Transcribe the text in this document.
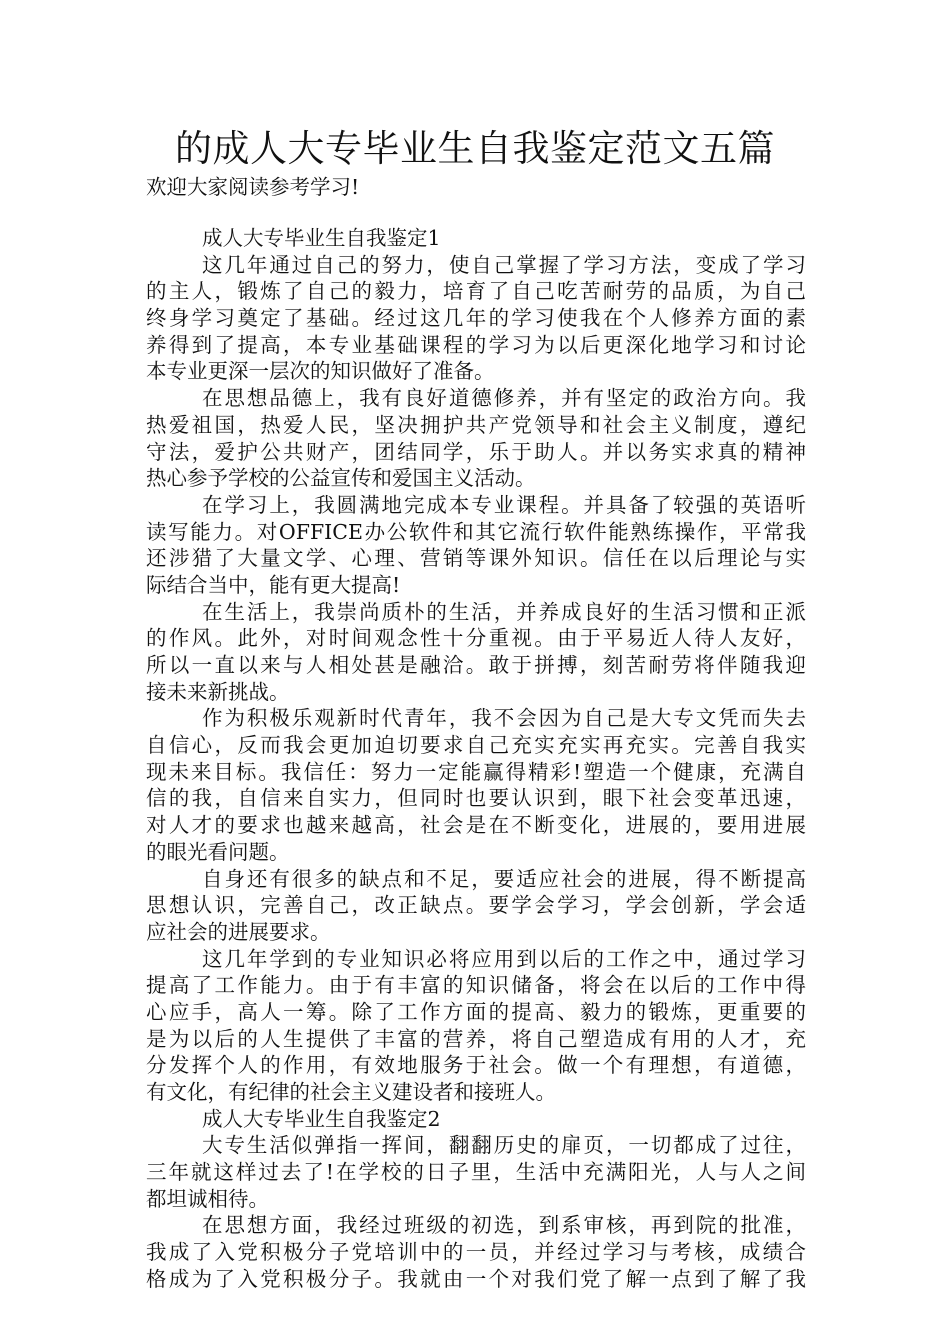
的成人大专毕业生自我鉴定范文五篇

欢迎大家阅读参考学习!

成人大专毕业生自我鉴定1
这几年通过自己的努力，使自己掌握了学习方法，变成了学习
的主人，锻炼了自己的毅力，培育了自己吃苦耐劳的品质，为自己
终身学习奠定了基础。经过这几年的学习使我在个人修养方面的素
养得到了提高，本专业基础课程的学习为以后更深化地学习和讨论
本专业更深一层次的知识做好了准备。
在思想品德上，我有良好道德修养，并有坚定的政治方向。我
热爱祖国，热爱人民，坚决拥护共产党领导和社会主义制度，遵纪
守法，爱护公共财产，团结同学，乐于助人。并以务实求真的精神
热心参予学校的公益宣传和爱国主义活动。
在学习上，我圆满地完成本专业课程。并具备了较强的英语听
读写能力。对OFFICE办公软件和其它流行软件能熟练操作，平常我
还涉猎了大量文学、心理、营销等课外知识。信任在以后理论与实
际结合当中，能有更大提高!
在生活上，我崇尚质朴的生活，并养成良好的生活习惯和正派
的作风。此外，对时间观念性十分重视。由于平易近人待人友好，
所以一直以来与人相处甚是融洽。敢于拼搏，刻苦耐劳将伴随我迎
接未来新挑战。
作为积极乐观新时代青年，我不会因为自己是大专文凭而失去
自信心，反而我会更加迫切要求自己充实充实再充实。完善自我实
现未来目标。我信任：努力一定能赢得精彩!塑造一个健康，充满自
信的我，自信来自实力，但同时也要认识到，眼下社会变革迅速，
对人才的要求也越来越高，社会是在不断变化，进展的，要用进展
的眼光看问题。
自身还有很多的缺点和不足，要适应社会的进展，得不断提高
思想认识，完善自己，改正缺点。要学会学习，学会创新，学会适
应社会的进展要求。
这几年学到的专业知识必将应用到以后的工作之中，通过学习
提高了工作能力。由于有丰富的知识储备，将会在以后的工作中得
心应手，高人一筹。除了工作方面的提高、毅力的锻炼，更重要的
是为以后的人生提供了丰富的营养，将自己塑造成有用的人才，充
分发挥个人的作用，有效地服务于社会。做一个有理想，有道德，
有文化，有纪律的社会主义建设者和接班人。
成人大专毕业生自我鉴定2
大专生活似弹指一挥间，翻翻历史的扉页，一切都成了过往，
三年就这样过去了!在学校的日子里，生活中充满阳光，人与人之间
都坦诚相待。
在思想方面，我经过班级的初选，到系审核，再到院的批准，
我成了入党积极分子党培训中的一员，并经过学习与考核，成绩合
格成为了入党积极分子。我就由一个对我们党了解一点到了解了我
